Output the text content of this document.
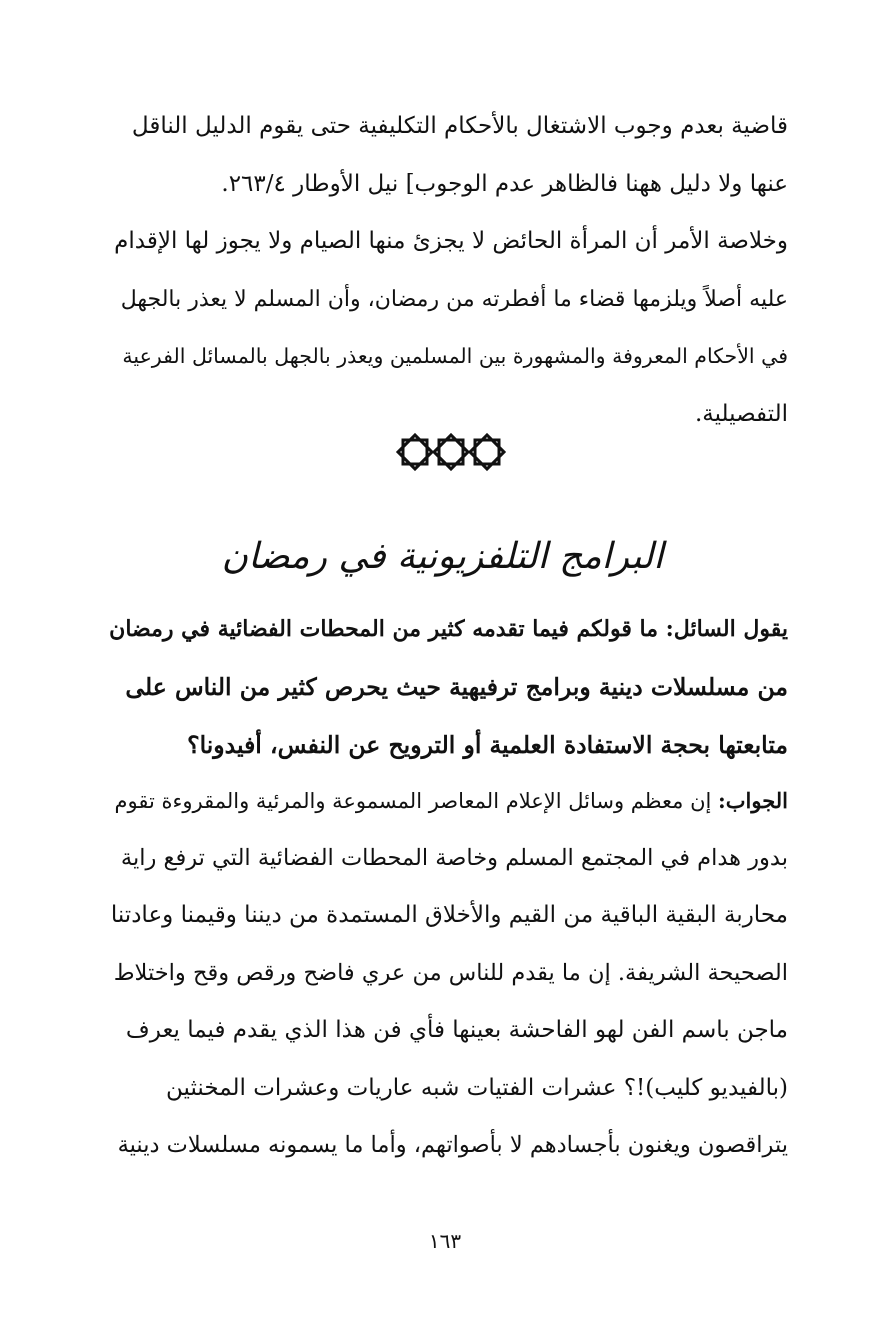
قاضية بعدم وجوب الاشتغال بالأحكام التكليفية حتى يقوم الدليل الناقل
عنها ولا دليل ههنا فالظاهر عدم الوجوب] نيل الأوطار ٢٦٣/٤.
وخلاصة الأمر أن المرأة الحائض لا يجزئ منها الصيام ولا يجوز لها الإقدام
عليه أصلاً ويلزمها قضاء ما أفطرته من رمضان، وأن المسلم لا يعذر بالجهل
في الأحكام المعروفة والمشهورة بين المسلمين ويعذر بالجهل بالمسائل الفرعية
التفصيلية.
البرامج التلفزيونية في رمضان
يقول السائل: ما قولكم فيما تقدمه كثير من المحطات الفضائية في رمضان
من مسلسلات دينية وبرامج ترفيهية حيث يحرص كثير من الناس على
متابعتها بحجة الاستفادة العلمية أو الترويح عن النفس، أفيدونا؟
الجواب: إن معظم وسائل الإعلام المعاصر المسموعة والمرئية والمقروءة تقوم
بدور هدام في المجتمع المسلم وخاصة المحطات الفضائية التي ترفع راية
محاربة البقية الباقية من القيم والأخلاق المستمدة من ديننا وقيمنا وعادتنا
الصحيحة الشريفة. إن ما يقدم للناس من عري فاضح ورقص وقح واختلاط
ماجن باسم الفن لهو الفاحشة بعينها فأي فن هذا الذي يقدم فيما يعرف
(بالفيديو كليب)!؟ عشرات الفتيات شبه عاريات وعشرات المخنثين
يتراقصون ويغنون بأجسادهم لا بأصواتهم، وأما ما يسمونه مسلسلات دينية
١٦٣
